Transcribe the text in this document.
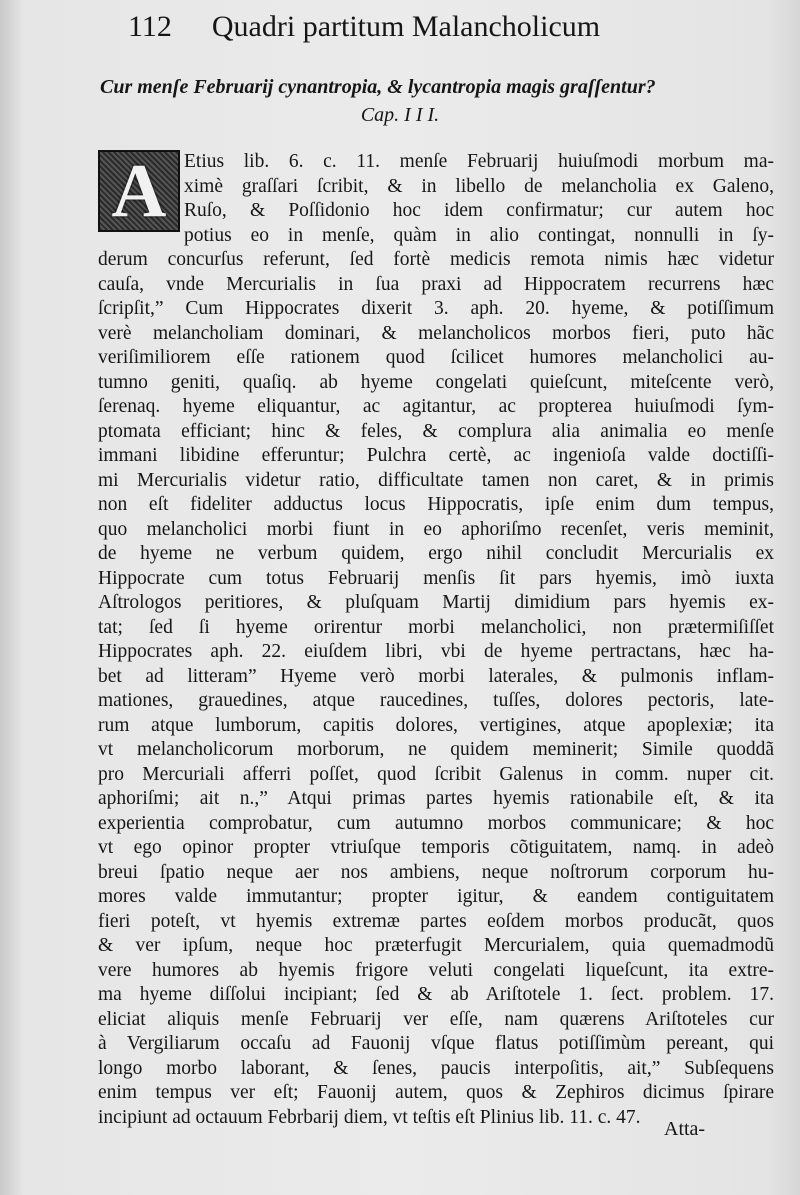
112 Quadri partitum Malancholicum
Cur menſe Februarij cynantropia, & lycantropia magis graſſentur?
Cap. I I I.
Etius lib. 6. c. 11. menſe Februarij huiuſmodi morbum ma-
ximè graſſari ſcribit, & in libello de melancholia ex Galeno,
Ruſo, & Poſſidonio hoc idem confirmatur; cur autem hoc
potius eo in menſe, quàm in alio contingat, nonnulli in ſy-
derum concurſus referunt, ſed fortè medicis remota nimis hæc videtur
cauſa, vnde Mercurialis in ſua praxi ad Hippocratem recurrens hæc
ſcripſit,” Cum Hippocrates dixerit 3. aph. 20. hyeme, & potiſſimum
verè melancholiam dominari, & melancholicos morbos fieri, puto hãc
veriſimiliorem eſſe rationem quod ſcilicet humores melancholici au-
tumno geniti, quaſiq. ab hyeme congelati quieſcunt, miteſcente verò,
ſerenaq. hyeme eliquantur, ac agitantur, ac propterea huiuſmodi ſym-
ptomata efficiant; hinc & feles, & complura alia animalia eo menſe
immani libidine efferuntur; Pulchra certè, ac ingenioſa valde doctiſſi-
mi Mercurialis videtur ratio, difficultate tamen non caret, & in primis
non eſt fideliter adductus locus Hippocratis, ipſe enim dum tempus,
quo melancholici morbi fiunt in eo aphoriſmo recenſet, veris meminit,
de hyeme ne verbum quidem, ergo nihil concludit Mercurialis ex
Hippocrate cum totus Februarij menſis ſit pars hyemis, imò iuxta
Aſtrologos peritiores, & pluſquam Martij dimidium pars hyemis ex-
tat; ſed ſi hyeme orirentur morbi melancholici, non prætermiſiſſet
Hippocrates aph. 22. eiuſdem libri, vbi de hyeme pertractans, hæc ha-
bet ad litteram” Hyeme verò morbi laterales, & pulmonis inflam-
mationes, grauedines, atque raucedines, tuſſes, dolores pectoris, late-
rum atque lumborum, capitis dolores, vertigines, atque apoplexiæ; ita
vt melancholicorum morborum, ne quidem meminerit; Simile quoddã
pro Mercuriali afferri poſſet, quod ſcribit Galenus in comm. nuper cit.
aphoriſmi; ait n.,” Atqui primas partes hyemis rationabile eſt, & ita
experientia comprobatur, cum autumno morbos communicare; & hoc
vt ego opinor propter vtriuſque temporis cõtiguitatem, namq. in adeò
breui ſpatio neque aer nos ambiens, neque noſtrorum corporum hu-
mores valde immutantur; propter igitur, & eandem contiguitatem
fieri poteſt, vt hyemis extremæ partes eoſdem morbos producãt, quos
& ver ipſum, neque hoc præterfugit Mercurialem, quia quemadmodũ
vere humores ab hyemis frigore veluti congelati liqueſcunt, ita extre-
ma hyeme diſſolui incipiant; ſed & ab Ariſtotele 1. ſect. problem. 17.
eliciat aliquis menſe Februarij ver eſſe, nam quærens Ariſtoteles cur
à Vergiliarum occaſu ad Fauonij vſque flatus potiſſimùm pereant, qui
longo morbo laborant, & ſenes, paucis interpoſitis, ait,” Subſequens
enim tempus ver eſt; Fauonij autem, quos & Zephiros dicimus ſpirare
incipiunt ad octauum Febrbarij diem, vt teſtis eſt Plinius lib. 11. c. 47.
A
Atta-
